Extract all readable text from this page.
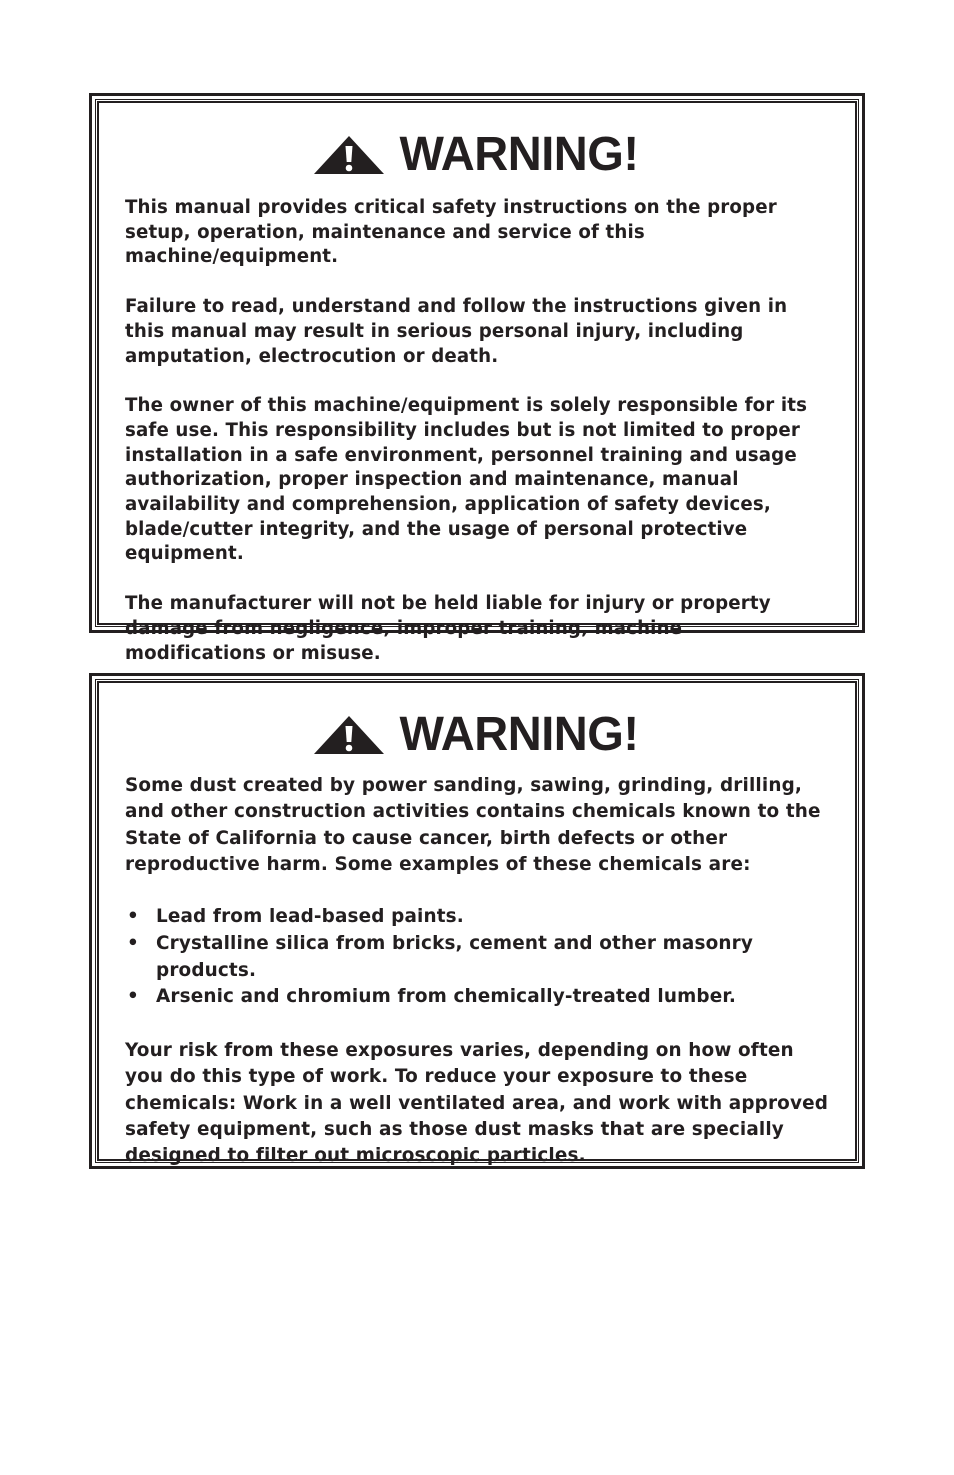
WARNING!

This manual provides critical safety instructions on the proper setup, operation, maintenance and service of this machine/equipment.

Failure to read, understand and follow the instructions given in this manual may result in serious personal injury, including amputation, electrocution or death.

The owner of this machine/equipment is solely responsible for its safe use. This responsibility includes but is not limited to proper installation in a safe environment, personnel training and usage authorization, proper inspection and maintenance, manual availability and comprehension, application of safety devices, blade/cutter integrity, and the usage of personal protective equipment.

The manufacturer will not be held liable for injury or property damage from negligence, improper training, machine modifications or misuse.

WARNING!

Some dust created by power sanding, sawing, grinding, drilling, and other construction activities contains chemicals known to the State of California to cause cancer, birth defects or other reproductive harm. Some examples of these chemicals are:

• Lead from lead-based paints.
• Crystalline silica from bricks, cement and other masonry products.
• Arsenic and chromium from chemically-treated lumber.

Your risk from these exposures varies, depending on how often you do this type of work. To reduce your exposure to these chemicals: Work in a well ventilated area, and work with approved safety equipment, such as those dust masks that are specially designed to filter out microscopic particles.
